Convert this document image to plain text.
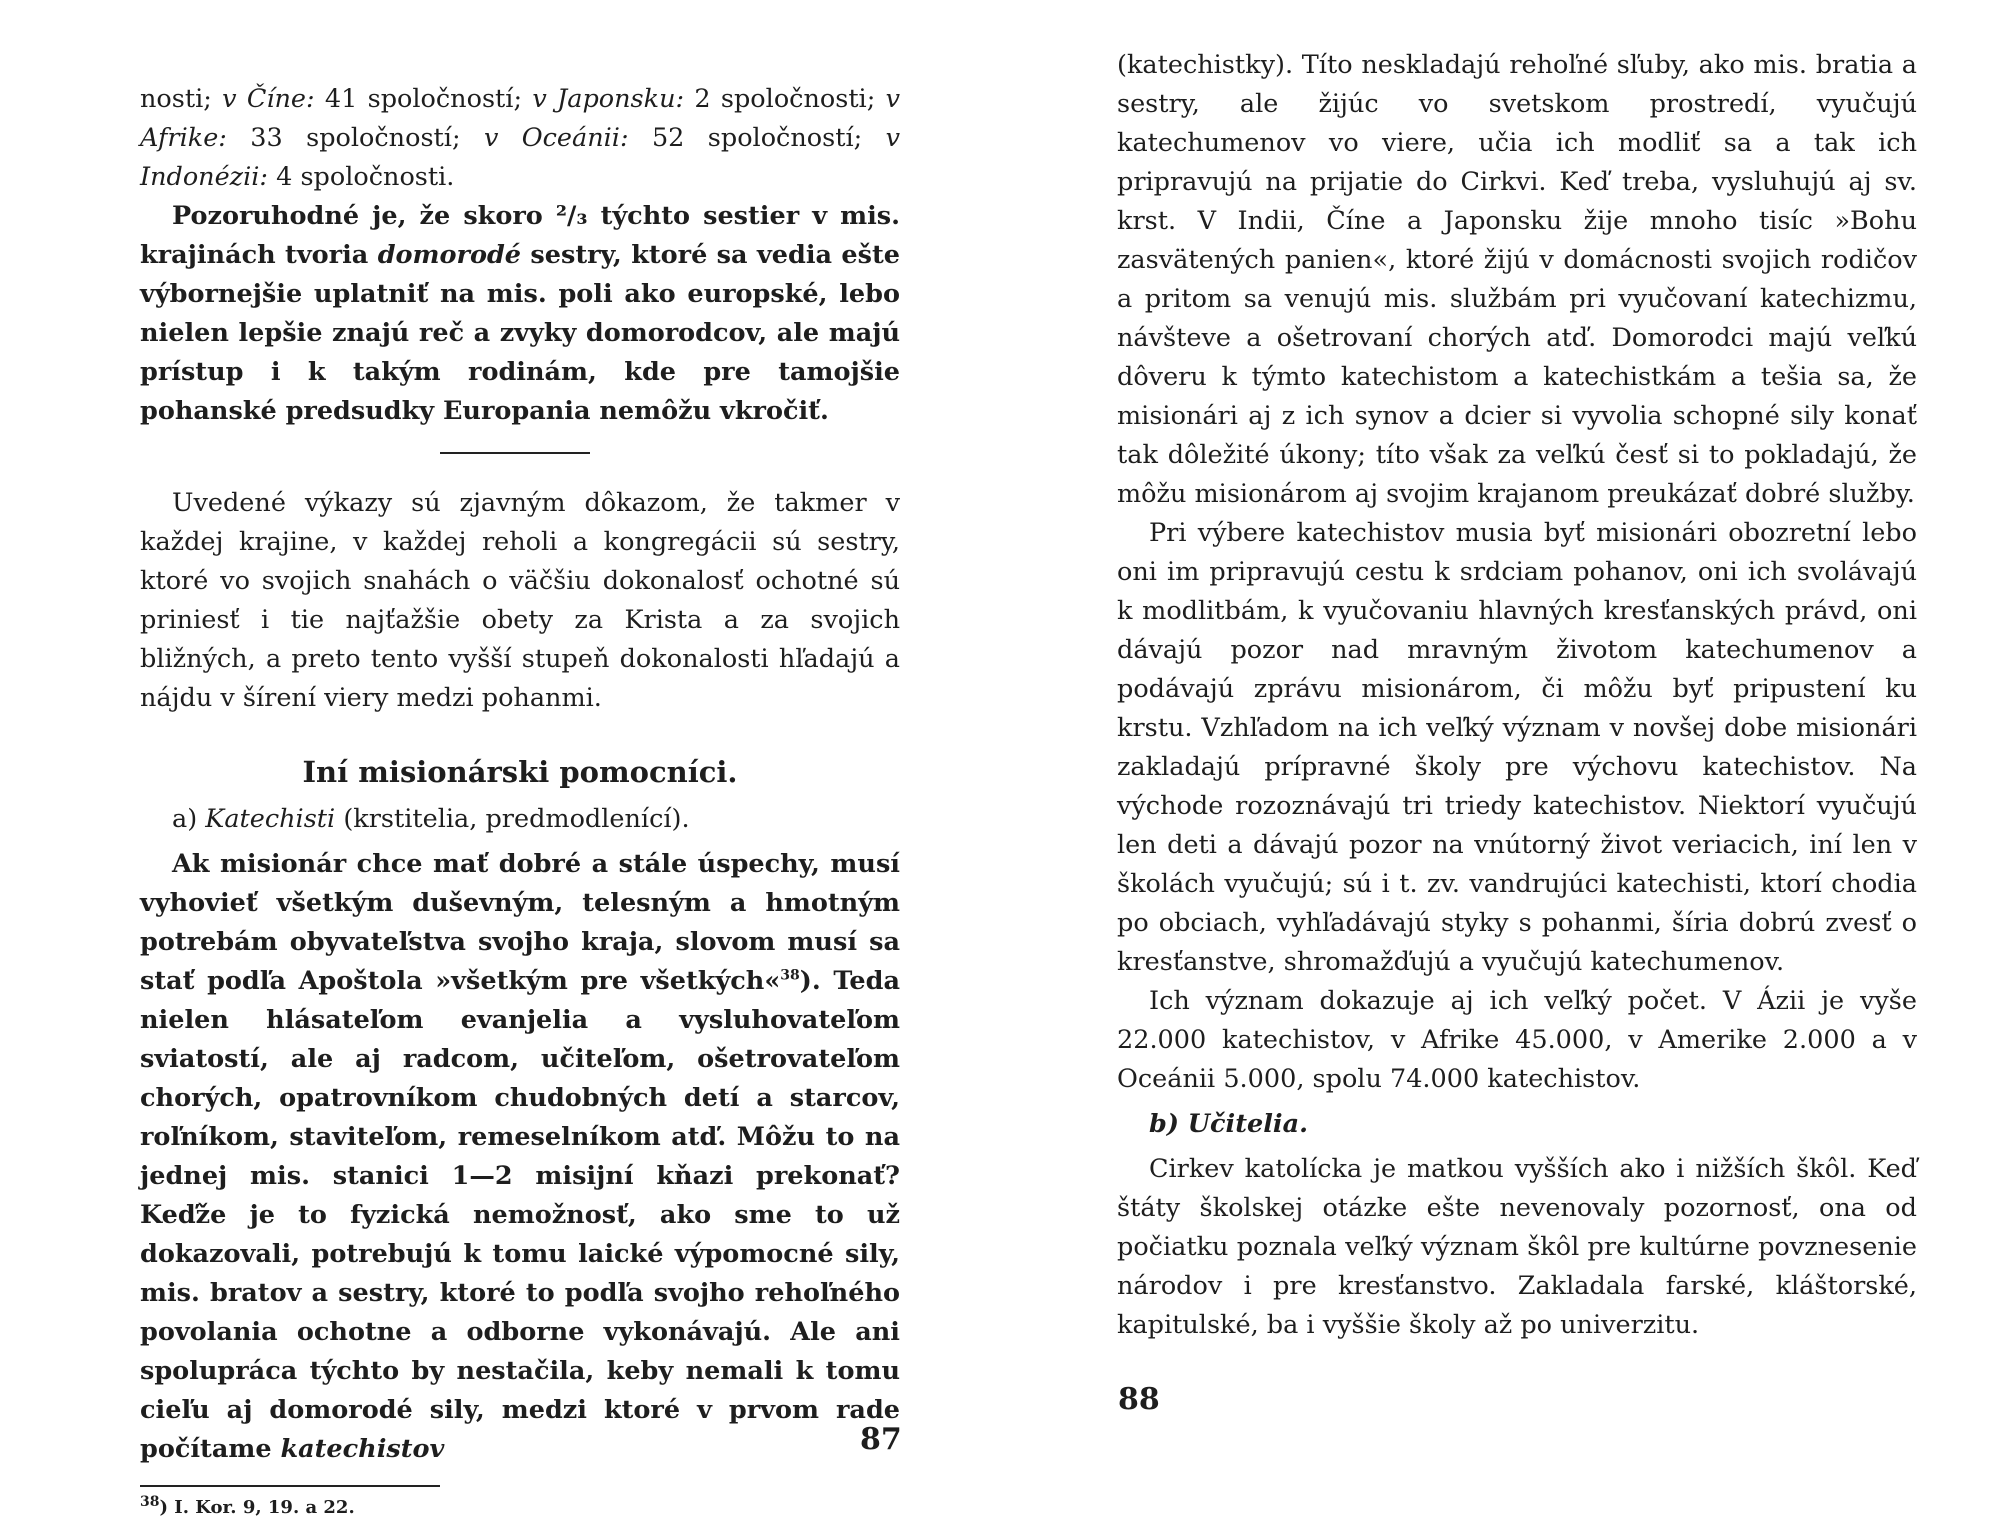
nosti; v Číne: 41 spoločností; v Japonsku: 2 spoločnosti; v Afrike: 33 spoločností; v Oceánii: 52 spoločností; v Indonézii: 4 spoločnosti.

Pozoruhodné je, že skoro ²/₃ týchto sestier v mis. krajinách tvoria domorodé sestry, ktoré sa vedia ešte výbornejšie uplatniť na mis. poli ako europské, lebo nielen lepšie znajú reč a zvyky domorodcov, ale majú prístup i k takým rodinám, kde pre tamojšie pohanské predsudky Europania nemôžu vkročiť.

Uvedené výkazy sú zjavným dôkazom, že takmer v každej krajine, v každej reholi a kongregácii sú sestry, ktoré vo svojich snahách o väčšiu dokonalosť ochotné sú priniesť i tie najťažšie obety za Krista a za svojich bližných, a preto tento vyšší stupeň dokonalosti hľadajú a nájdu v šírení viery medzi pohanmi.

Iní misionárski pomocníci.

a) Katechisti (krstitelia, predmodlenící).

Ak misionár chce mať dobré a stále úspechy, musí vyhovieť všetkým duševným, telesným a hmotným potrebám obyvateľstva svojho kraja, slovom musí sa stať podľa Apoštola »všetkým pre všetkých«$^{38}$). Teda nielen hlásateľom evanjelia a vysluhovateľom sviatostí, ale aj radcom, učiteľom, ošetrovateľom chorých, opatrovníkom chudobných detí a starcov, roľníkom, staviteľom, remeselníkom atď. Môžu to na jednej mis. stanici 1—2 misijní kňazi prekonať? Keďže je to fyzická nemožnosť, ako sme to už dokazovali, potrebujú k tomu laické výpomocné sily, mis. bratov a sestry, ktoré to podľa svojho rehoľného povolania ochotne a odborne vykonávajú. Ale ani spolupráca týchto by nestačila, keby nemali k tomu cieľu aj domorodé sily, medzi ktoré v prvom rade počítame katechistov

$^{38}$) I. Kor. 9, 19. a 22.

87

(katechistky). Títo neskladajú rehoľné sľuby, ako mis. bratia a sestry, ale žijúc vo svetskom prostredí, vyučujú katechumenov vo viere, učia ich modliť sa a tak ich pripravujú na prijatie do Cirkvi. Keď treba, vysluhujú aj sv. krst. V Indii, Číne a Japonsku žije mnoho tisíc »Bohu zasvätených panien«, ktoré žijú v domácnosti svojich rodičov a pritom sa venujú mis. službám pri vyučovaní katechizmu, návšteve a ošetrovaní chorých atď. Domorodci majú veľkú dôveru k týmto katechistom a katechistkám a tešia sa, že misionári aj z ich synov a dcier si vyvolia schopné sily konať tak dôležité úkony; títo však za veľkú česť si to pokladajú, že môžu misionárom aj svojim krajanom preukázať dobré služby.

Pri výbere katechistov musia byť misionári obozretní lebo oni im pripravujú cestu k srdciam pohanov, oni ich svolávajú k modlitbám, k vyučovaniu hlavných kresťanských právd, oni dávajú pozor nad mravným životom katechumenov a podávajú zprávu misionárom, či môžu byť pripustení ku krstu. Vzhľadom na ich veľký význam v novšej dobe misionári zakladajú prípravné školy pre výchovu katechistov. Na východe rozoznávajú tri triedy katechistov. Niektorí vyučujú len deti a dávajú pozor na vnútorný život veriacich, iní len v školách vyučujú; sú i t. zv. vandrujúci katechisti, ktorí chodia po obciach, vyhľadávajú styky s pohanmi, šíria dobrú zvesť o kresťanstve, shromažďujú a vyučujú katechumenov.

Ich význam dokazuje aj ich veľký počet. V Ázii je vyše 22.000 katechistov, v Afrike 45.000, v Amerike 2.000 a v Oceánii 5.000, spolu 74.000 katechistov.

b) Učitelia.

Cirkev katolícka je matkou vyšších ako i nižších škôl. Keď štáty školskej otázke ešte nevenovaly pozornosť, ona od počiatku poznala veľký význam škôl pre kultúrne povznesenie národov i pre kresťanstvo. Zakladala farské, kláštorské, kapitulské, ba i vyššie školy až po univerzitu.

88
